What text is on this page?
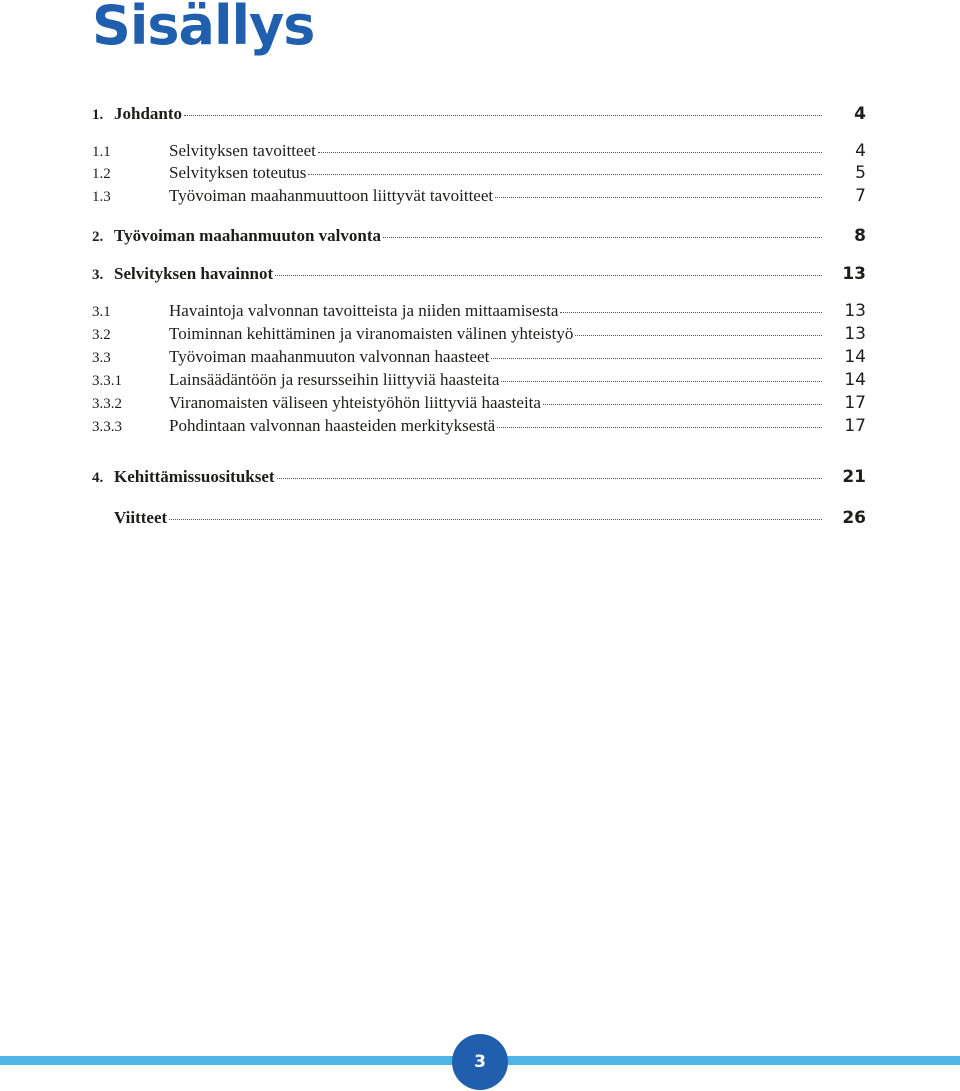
Sisällys
1. Johdanto	4
1.1	Selvityksen tavoitteet	4
1.2	Selvityksen toteutus	5
1.3	Työvoiman maahanmuuttoon liittyvät tavoitteet	7
2. Työvoiman maahanmuuton valvonta	8
3. Selvityksen havainnot	13
3.1	Havaintoja valvonnan tavoitteista ja niiden mittaamisesta	13
3.2	Toiminnan kehittäminen ja viranomaisten välinen yhteistyö	13
3.3	Työvoiman maahanmuuton valvonnan haasteet	14
3.3.1	Lainsäädäntöön ja resursseihin liittyviä haasteita	14
3.3.2	Viranomaisten väliseen yhteistyöhön liittyviä haasteita	17
3.3.3	Pohdintaan valvonnan haasteiden merkityksestä	17
4. Kehittämissuositukset	21
Viitteet	26
3
